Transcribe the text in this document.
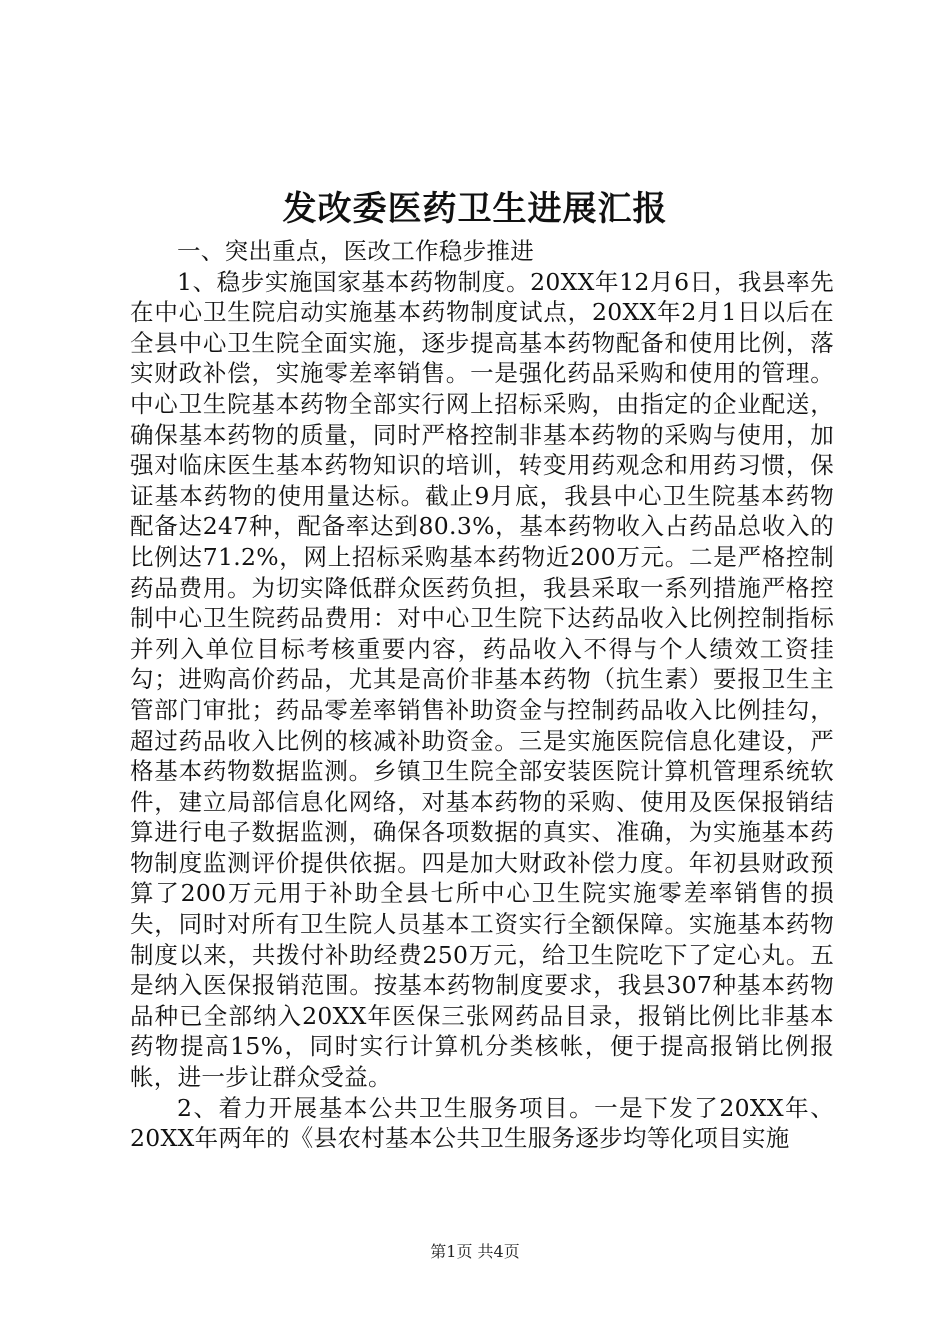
发改委医药卫生进展汇报

一、突出重点，医改工作稳步推进

1、稳步实施国家基本药物制度。20XX年12月6日，我县率先在中心卫生院启动实施基本药物制度试点，20XX年2月1日以后在全县中心卫生院全面实施，逐步提高基本药物配备和使用比例，落实财政补偿，实施零差率销售。一是强化药品采购和使用的管理。中心卫生院基本药物全部实行网上招标采购，由指定的企业配送，确保基本药物的质量，同时严格控制非基本药物的采购与使用，加强对临床医生基本药物知识的培训，转变用药观念和用药习惯，保证基本药物的使用量达标。截止9月底，我县中心卫生院基本药物配备达247种，配备率达到80.3%，基本药物收入占药品总收入的比例达71.2%，网上招标采购基本药物近200万元。二是严格控制药品费用。为切实降低群众医药负担，我县采取一系列措施严格控制中心卫生院药品费用：对中心卫生院下达药品收入比例控制指标并列入单位目标考核重要内容，药品收入不得与个人绩效工资挂勾；进购高价药品，尤其是高价非基本药物（抗生素）要报卫生主管部门审批；药品零差率销售补助资金与控制药品收入比例挂勾，超过药品收入比例的核减补助资金。三是实施医院信息化建设，严格基本药物数据监测。乡镇卫生院全部安装医院计算机管理系统软件，建立局部信息化网络，对基本药物的采购、使用及医保报销结算进行电子数据监测，确保各项数据的真实、准确，为实施基本药物制度监测评价提供依据。四是加大财政补偿力度。年初县财政预算了200万元用于补助全县七所中心卫生院实施零差率销售的损失，同时对所有卫生院人员基本工资实行全额保障。实施基本药物制度以来，共拨付补助经费250万元，给卫生院吃下了定心丸。五是纳入医保报销范围。按基本药物制度要求，我县307种基本药物品种已全部纳入20XX年医保三张网药品目录，报销比例比非基本药物提高15%，同时实行计算机分类核帐，便于提高报销比例报帐，进一步让群众受益。

2、着力开展基本公共卫生服务项目。一是下发了20XX年、20XX年两年的《县农村基本公共卫生服务逐步均等化项目实施

第1页 共4页
